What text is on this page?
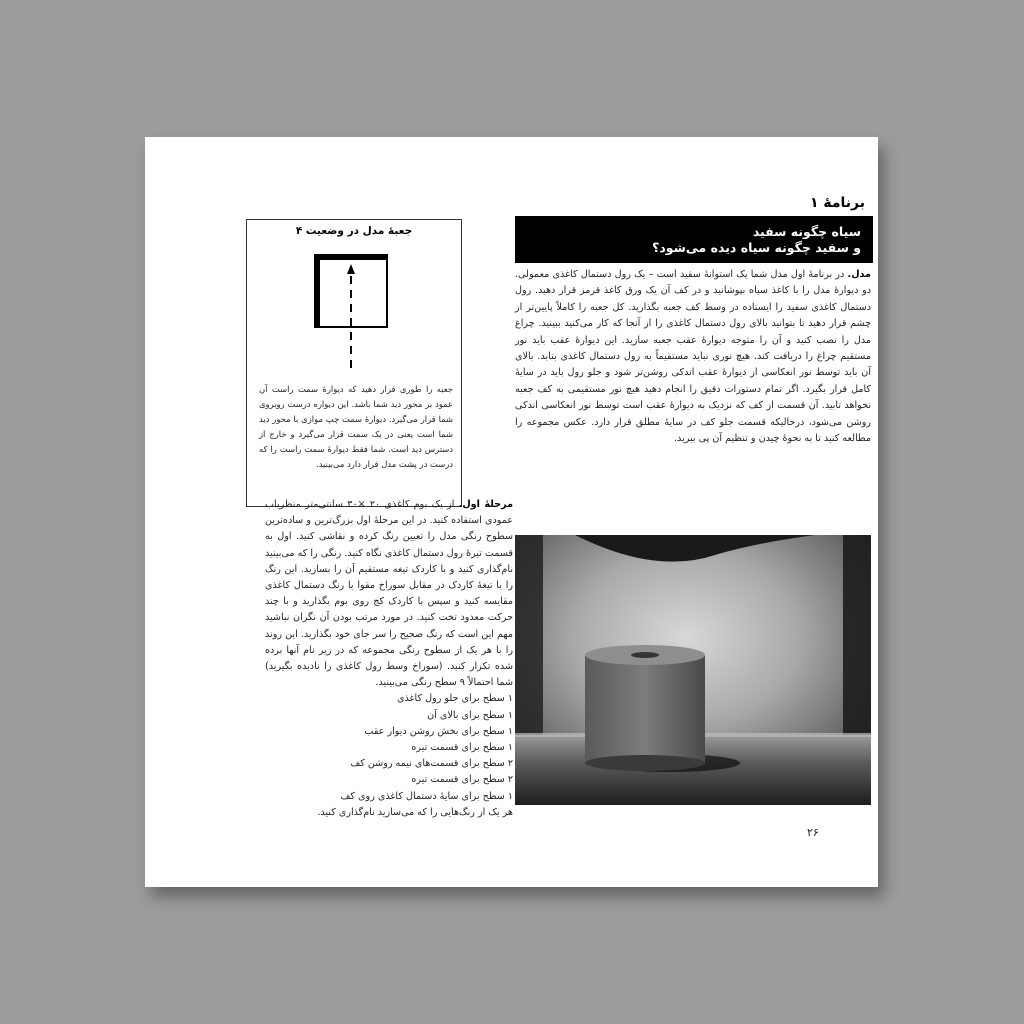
برنامهٔ ۱
سیاه چگونه سفید
و سفید چگونه سیاه دیده می‌شود؟
مدل. در برنامهٔ اول مدل شما یک استوانهٔ سفید است – یک رول دستمال کاغذی معمولی. دو دیوارهٔ مدل را با کاغذ سیاه بپوشانید و در کف آن یک ورق کاغذ قرمز قرار دهید. رول دستمال کاغذی سفید را ایستاده در وسط کف جعبه بگذارید. کل جعبه را کاملاً پایین‌تر از چشم قرار دهید تا بتوانید بالای رول دستمال کاغذی را از آنجا که کار می‌کنید ببینید. چراغ مدل را نصب کنید و آن را متوجه دیوارهٔ عقب جعبه سازید. این دیوارهٔ عقب باید نور مستقیم چراغ را دریافت کند. هیچ نوری نباید مستقیماً به رول دستمال کاغذی بتابد. بالای آن باید توسط نور انعکاسی از دیوارهٔ عقب اندکی روشن‌تر شود و جلو رول باید در سایهٔ کامل قرار بگیرد. اگر تمام دستورات دقیق را انجام دهید هیچ نور مستقیمی به کف جعبه نخواهد تابید. آن قسمت از کف که نزدیک به دیوارهٔ عقب است توسط نور انعکاسی اندکی روشن می‌شود، درحالیکه قسمت جلو کف در سایهٔ مطلق قرار دارد. عکس مجموعه را مطالعه کنید تا به نحوهٔ چیدن و تنظیم آن پی ببرید.
۲۶
جعبهٔ مدل در وضعیت ۴
جعبه را طوری قرار دهید که دیوارهٔ سمت راست آن عمود بر محور دید شما باشد. این دیواره درست روبروی شما قرار می‌گیرد. دیوارهٔ سمت چپ موازی با محور دید شما است یعنی در یک سمت قرار می‌گیرد و خارج از دسترس دید است. شما فقط دیوارهٔ سمت راست را که درست در پشت مدل قرار دارد می‌بینید.
مرحلهٔ اول. از یک بوم کاغذی ۲۰ ×۳۰ سانتی‌متر منظریاب عمودی استفاده کنید. در این مرحلهٔ اول بزرگ‌ترین و ساده‌ترین سطوح رنگی مدل را تعیین رنگ کرده و نقاشی کنید. اول به قسمت تیرهٔ رول دستمال کاغذی نگاه کنید. رنگی را که می‌بینید نام‌گذاری کنید و با کاردک تیغه مستقیم آن را بسازید. این رنگ را با تیغهٔ کاردک در مقابل سوراخ مقوا با رنگ دستمال کاغذی مقایسه کنید و سپس با کاردک کج روی بوم بگذارید و با چند حرکت معدود تخت کنید. در مورد مرتب بودن آن نگران نباشید مهم این است که رنگ صحیح را سر جای خود بگذارید. این روند را با هر یک از سطوح رنگی مجموعه که در زیر نام آنها برده شده تکرار کنید. (سوراخ وسط رول کاغذی را نادیده بگیرید) شما احتمالاً ۹ سطح رنگی می‌بینید.
۱ سطح برای جلو رول کاغذی
۱ سطح برای بالای آن
۱ سطح برای بخش روشن دیوار عقب
۱ سطح برای قسمت تیره
۲ سطح برای قسمت‌های نیمه روشن کف
۲ سطح برای قسمت تیره
۱ سطح برای سایهٔ دستمال کاغذی روی کف
هر یک از رنگ‌هایی را که می‌سازید نام‌گذاری کنید.
